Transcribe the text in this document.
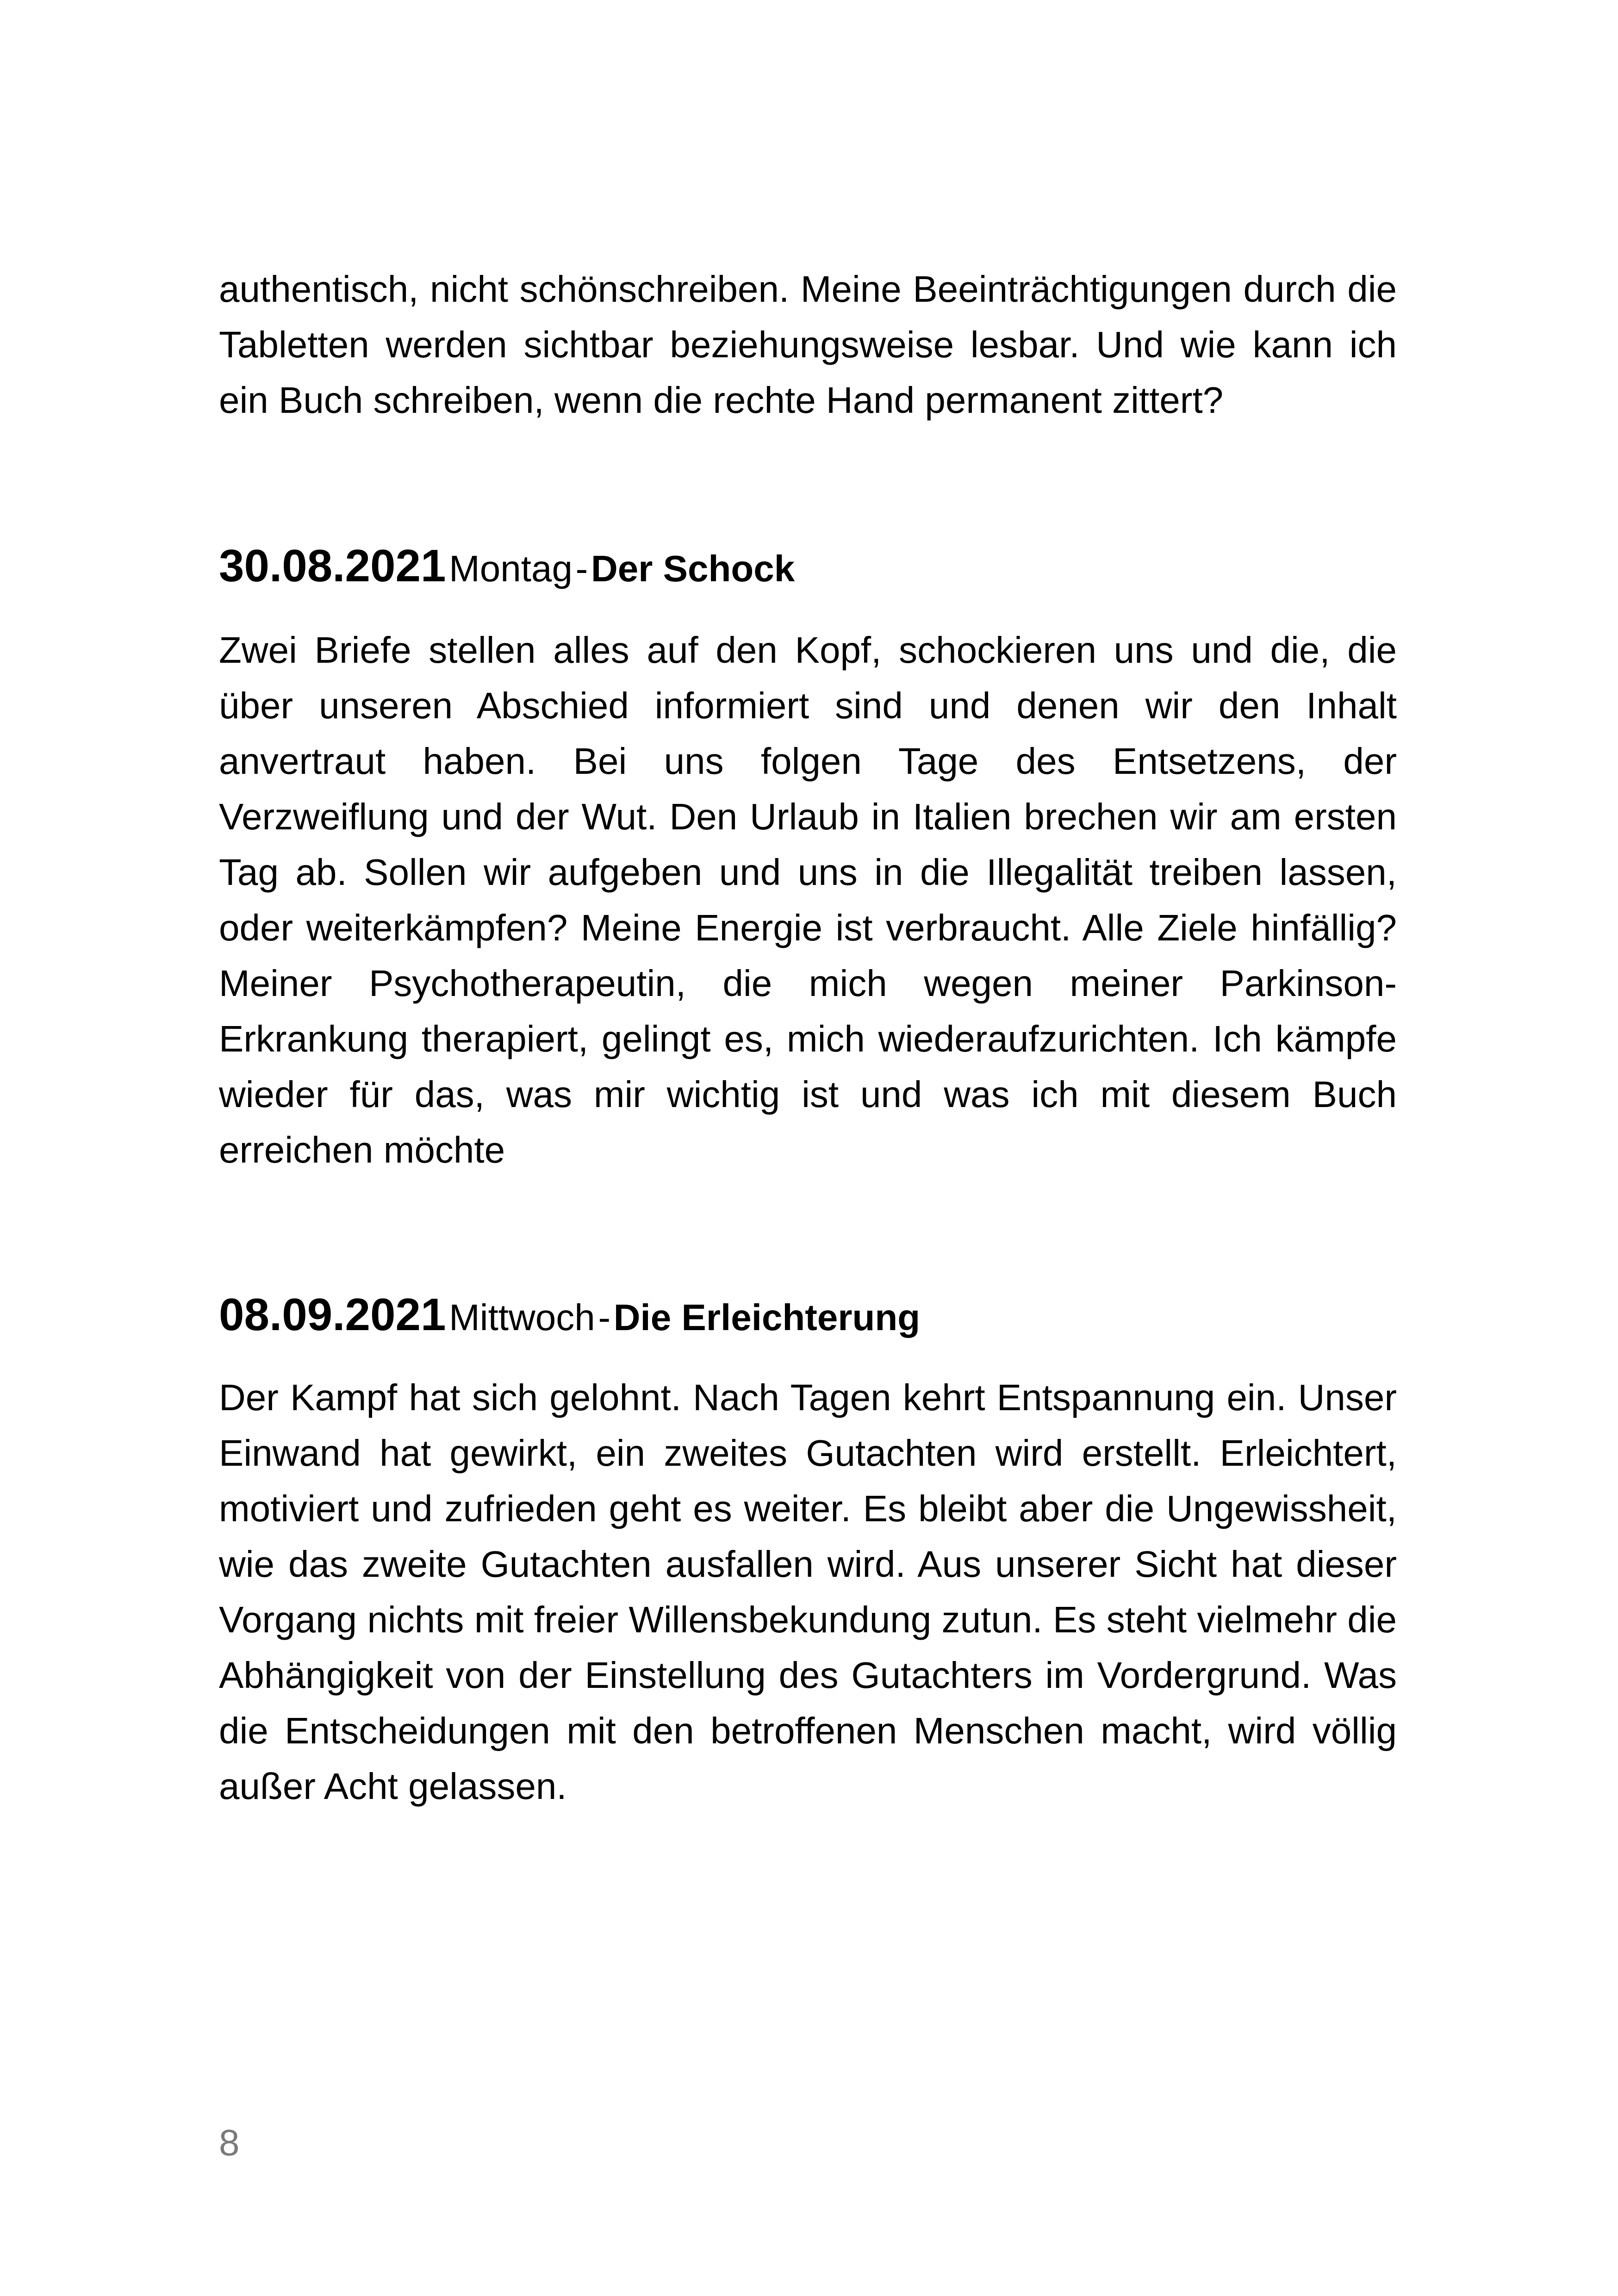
authentisch, nicht schönschreiben. Meine Beeinträchtigungen durch die Tabletten werden sichtbar beziehungsweise lesbar. Und wie kann ich ein Buch schreiben, wenn die rechte Hand permanent zittert?

30.08.2021 Montag - Der Schock

Zwei Briefe stellen alles auf den Kopf, schockieren uns und die, die über unseren Abschied informiert sind und denen wir den Inhalt anvertraut haben. Bei uns folgen Tage des Entsetzens, der Verzweiflung und der Wut. Den Urlaub in Italien brechen wir am ersten Tag ab. Sollen wir aufgeben und uns in die Illegalität treiben lassen, oder weiterkämpfen? Meine Energie ist verbraucht. Alle Ziele hinfällig? Meiner Psychotherapeutin, die mich wegen meiner Parkinson-Erkrankung therapiert, gelingt es, mich wiederaufzurichten. Ich kämpfe wieder für das, was mir wichtig ist und was ich mit diesem Buch erreichen möchte

08.09.2021 Mittwoch - Die Erleichterung

Der Kampf hat sich gelohnt. Nach Tagen kehrt Entspannung ein. Unser Einwand hat gewirkt, ein zweites Gutachten wird erstellt. Erleichtert, motiviert und zufrieden geht es weiter. Es bleibt aber die Ungewissheit, wie das zweite Gutachten ausfallen wird. Aus unserer Sicht hat dieser Vorgang nichts mit freier Willensbekundung zutun. Es steht vielmehr die Abhängigkeit von der Einstellung des Gutachters im Vordergrund. Was die Entscheidungen mit den betroffenen Menschen macht, wird völlig außer Acht gelassen.

8
